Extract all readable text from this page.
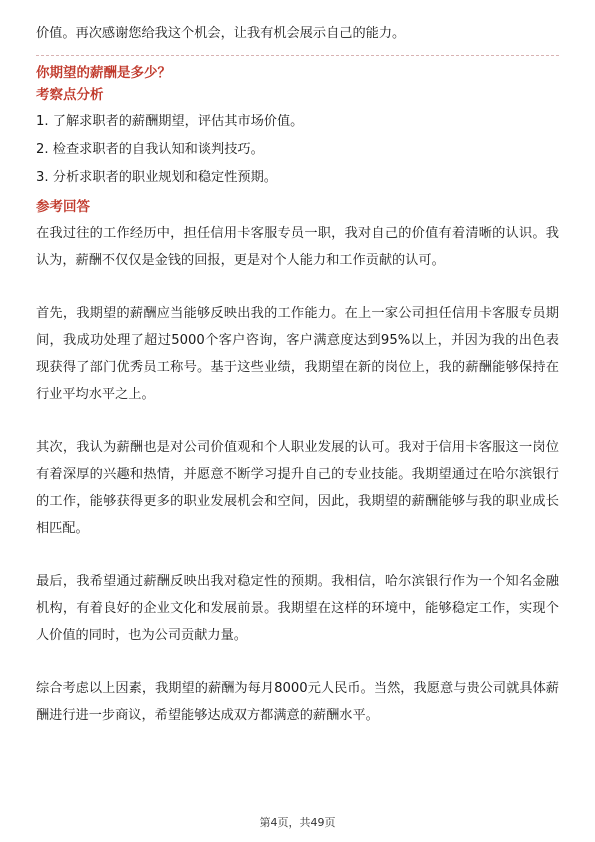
价值。再次感谢您给我这个机会，让我有机会展示自己的能力。

你期望的薪酬是多少？

考察点分析

1. 了解求职者的薪酬期望，评估其市场价值。
2. 检查求职者的自我认知和谈判技巧。
3. 分析求职者的职业规划和稳定性预期。

参考回答

在我过往的工作经历中，担任信用卡客服专员一职，我对自己的价值有着清晰的认识。我认为，薪酬不仅仅是金钱的回报，更是对个人能力和工作贡献的认可。

首先，我期望的薪酬应当能够反映出我的工作能力。在上一家公司担任信用卡客服专员期间，我成功处理了超过5000个客户咨询，客户满意度达到95%以上，并因为我的出色表现获得了部门优秀员工称号。基于这些业绩，我期望在新的岗位上，我的薪酬能够保持在行业平均水平之上。

其次，我认为薪酬也是对公司价值观和个人职业发展的认可。我对于信用卡客服这一岗位有着深厚的兴趣和热情，并愿意不断学习提升自己的专业技能。我期望通过在哈尔滨银行的工作，能够获得更多的职业发展机会和空间，因此，我期望的薪酬能够与我的职业成长相匹配。

最后，我希望通过薪酬反映出我对稳定性的预期。我相信，哈尔滨银行作为一个知名金融机构，有着良好的企业文化和发展前景。我期望在这样的环境中，能够稳定工作，实现个人价值的同时，也为公司贡献力量。

综合考虑以上因素，我期望的薪酬为每月8000元人民币。当然，我愿意与贵公司就具体薪酬进行进一步商议，希望能够达成双方都满意的薪酬水平。

第4页，共49页
